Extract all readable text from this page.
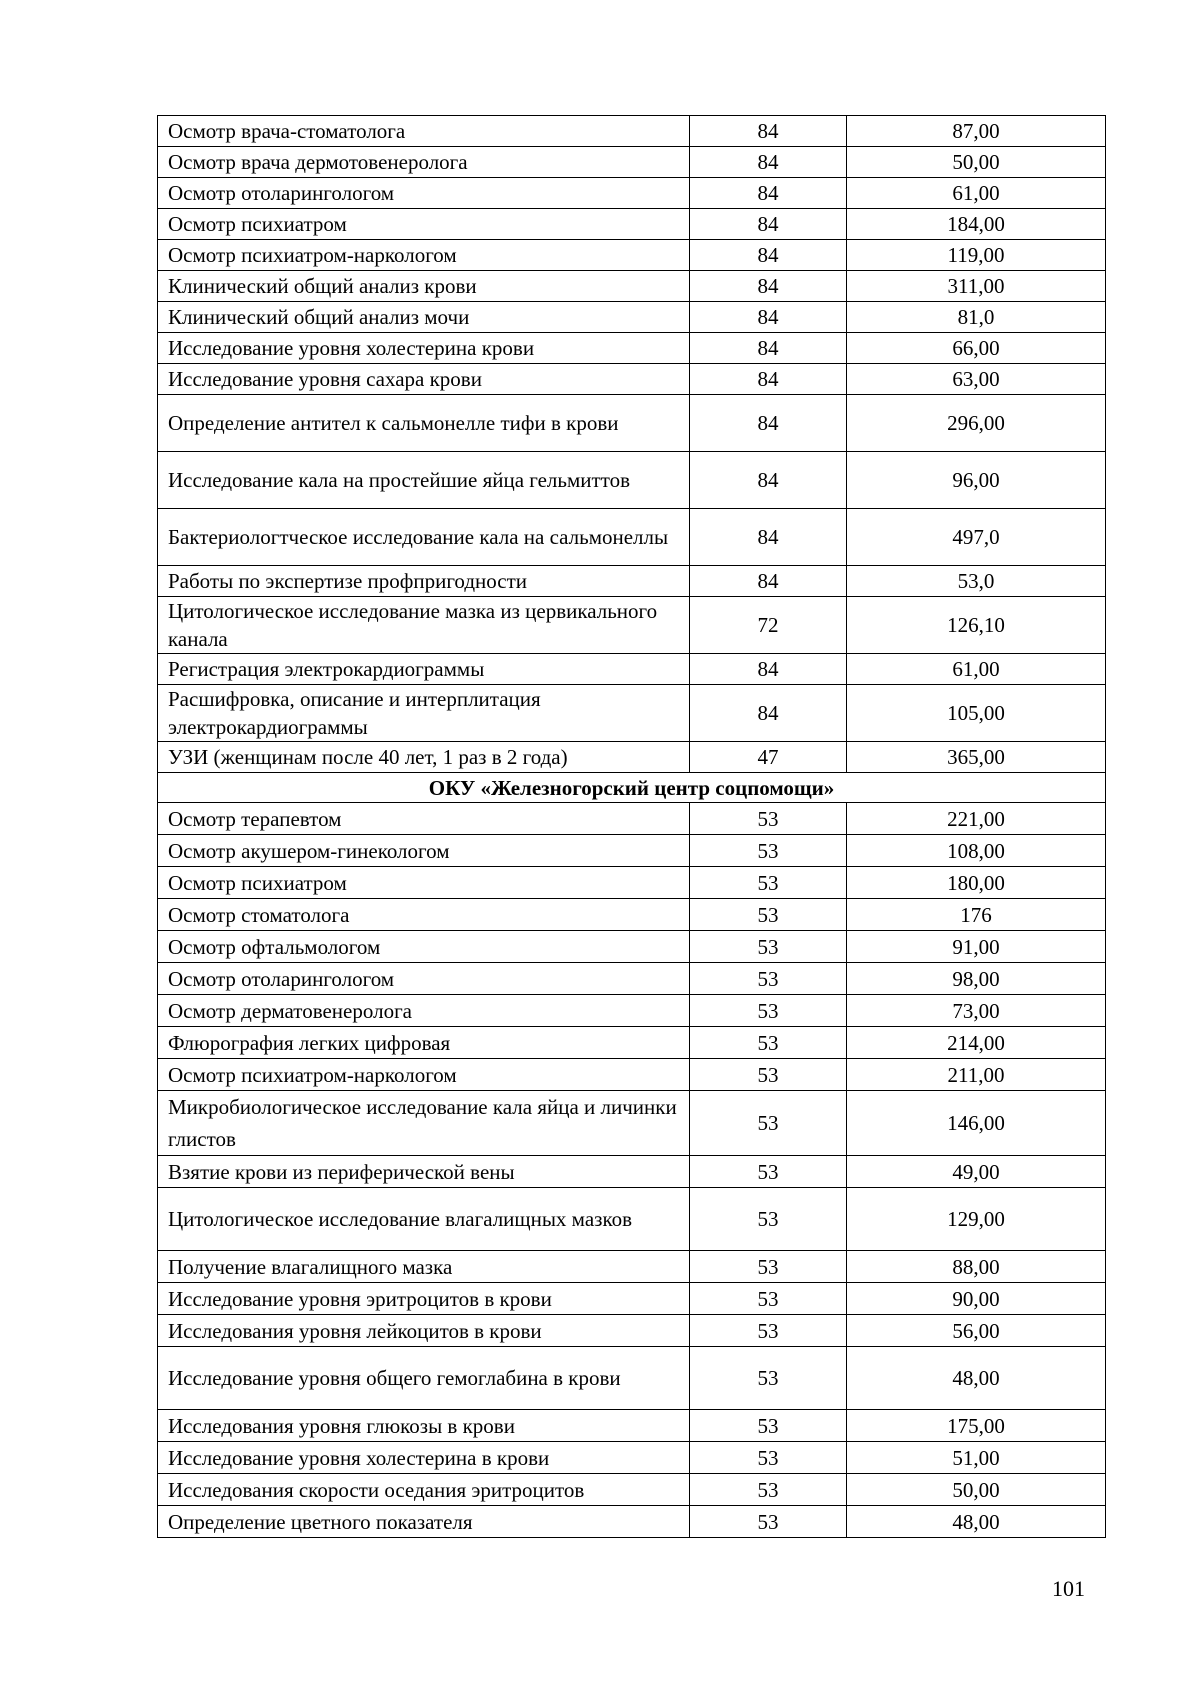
Осмотр врача-стоматолога	84	87,00
Осмотр врача дермотовенеролога	84	50,00
Осмотр отоларингологом	84	61,00
Осмотр психиатром	84	184,00
Осмотр психиатром-наркологом	84	119,00
Клинический общий анализ крови	84	311,00
Клинический общий анализ мочи	84	81,0
Исследование уровня холестерина крови	84	66,00
Исследование уровня сахара крови	84	63,00
Определение антител к сальмонелле тифи в крови	84	296,00
Исследование кала на простейшие яйца гельмиттов	84	96,00
Бактериологтческое исследование кала на сальмонеллы	84	497,0
Работы по экспертизе профпригодности	84	53,0
Цитологическое исследование мазка из цервикального канала	72	126,10
Регистрация электрокардиограммы	84	61,00
Расшифровка, описание и интерплитация электрокардиограммы	84	105,00
УЗИ (женщинам после 40 лет, 1 раз в 2 года)	47	365,00
ОКУ «Железногорский центр соцпомощи»		
Осмотр терапевтом	53	221,00
Осмотр акушером-гинекологом	53	108,00
Осмотр психиатром	53	180,00
Осмотр стоматолога	53	176
Осмотр офтальмологом	53	91,00
Осмотр отоларингологом	53	98,00
Осмотр дерматовенеролога	53	73,00
Флюрография легких цифровая	53	214,00
Осмотр психиатром-наркологом	53	211,00
Микробиологическое исследование кала яйца и личинки глистов	53	146,00
Взятие крови из периферической вены	53	49,00
Цитологическое исследование влагалищных мазков	53	129,00
Получение влагалищного мазка	53	88,00
Исследование уровня эритроцитов в крови	53	90,00
Исследования уровня лейкоцитов в крови	53	56,00
Исследование уровня общего гемоглабина в крови	53	48,00
Исследования уровня глюкозы в крови	53	175,00
Исследование уровня холестерина в крови	53	51,00
Исследования скорости оседания эритроцитов	53	50,00
Определение цветного показателя	53	48,00
101
